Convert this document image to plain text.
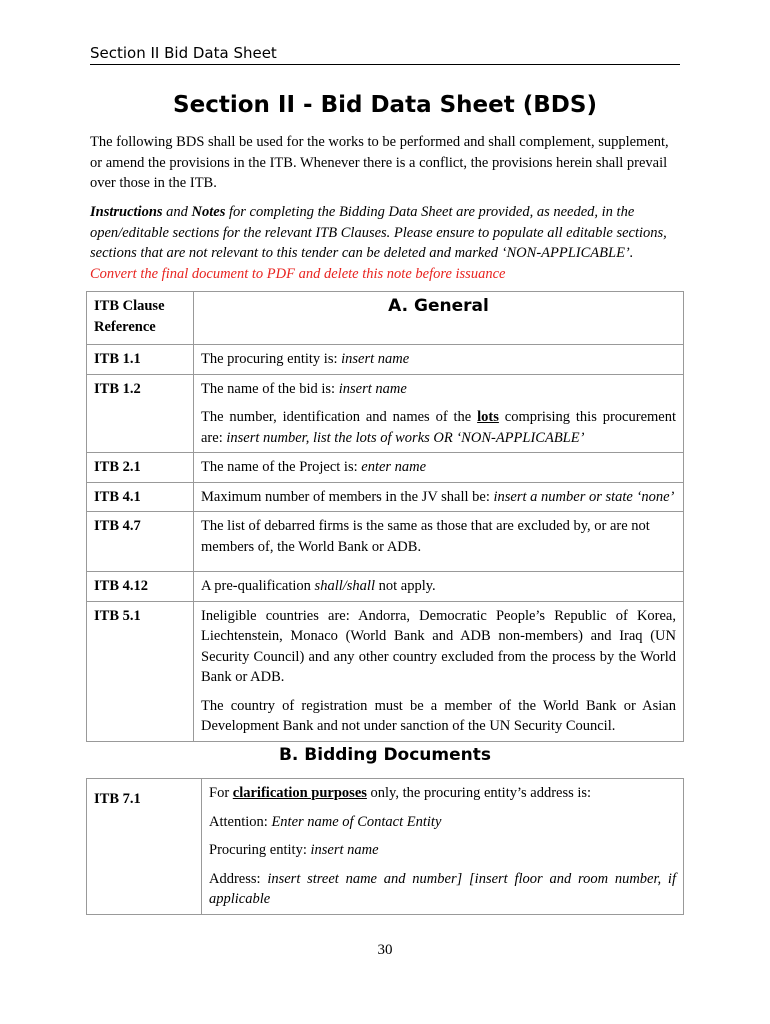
Section II Bid Data Sheet
Section II - Bid Data Sheet (BDS)
The following BDS shall be used for the works to be performed and shall complement, supplement, or amend the provisions in the ITB. Whenever there is a conflict, the provisions herein shall prevail over those in the ITB.
Instructions and Notes for completing the Bidding Data Sheet are provided, as needed, in the open/editable sections for the relevant ITB Clauses. Please ensure to populate all editable sections, sections that are not relevant to this tender can be deleted and marked ‘NON-APPLICABLE’. Convert the final document to PDF and delete this note before issuance
ITB Clause Reference	A. General
ITB 1.1	The procuring entity is: insert name
ITB 1.2	The name of the bid is: insert name

The number, identification and names of the lots comprising this procurement are: insert number, list the lots of works OR ‘NON-APPLICABLE’

ITB 2.1	The name of the Project is: enter name
ITB 4.1	Maximum number of members in the JV shall be: insert a number or state ‘none’
ITB 4.7	The list of debarred firms is the same as those that are excluded by, or are not members of, the World Bank or ADB.
ITB 4.12	A pre-qualification shall/shall not apply.
ITB 5.1	Ineligible countries are: Andorra, Democratic People’s Republic of Korea, Liechtenstein, Monaco (World Bank and ADB non-members) and Iraq (UN Security Council) and any other country excluded from the process by the World Bank or ADB.

The country of registration must be a member of the World Bank or Asian Development Bank and not under sanction of the UN Security Council.

B. Bidding Documents
ITB 7.1	For clarification purposes only, the procuring entity’s address is:

Attention: Enter name of Contact Entity

Procuring entity: insert name

Address: insert street name and number] [insert floor and room number, if applicable

30
